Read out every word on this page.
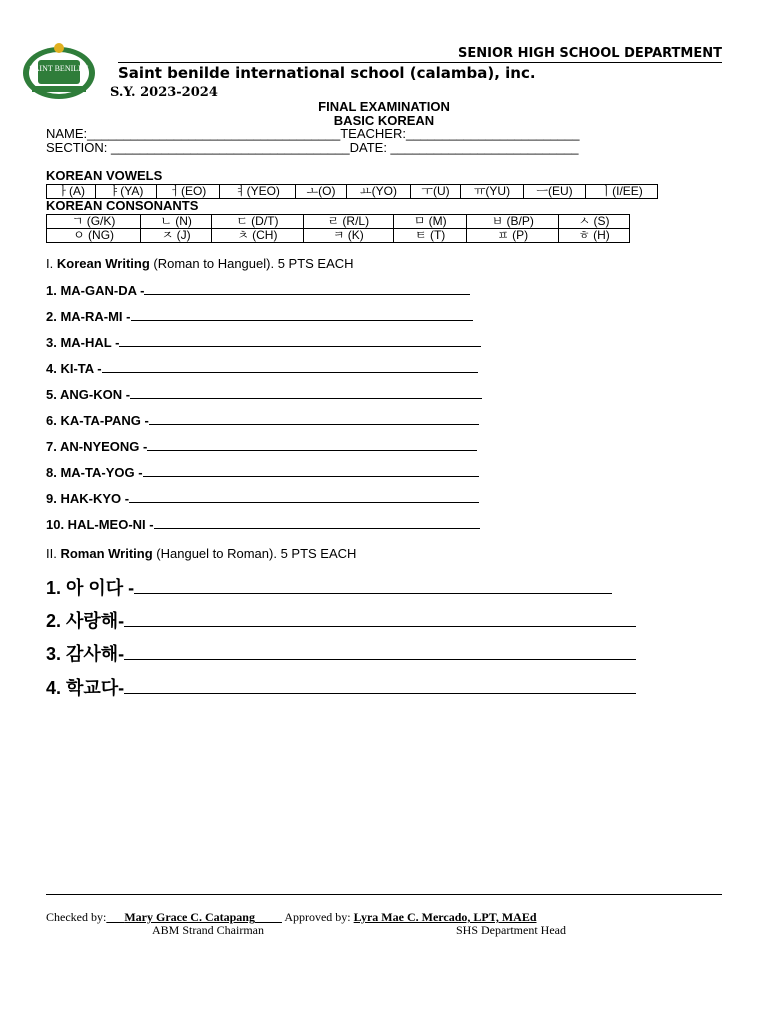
SAINT BENILDE
SENIOR HIGH SCHOOL DEPARTMENT
Saint benilde international school (calamba), inc.
S.Y. 2023-2024
FINAL EXAMINATION
BASIC KOREAN
NAME:___________________________________TEACHER:________________________
SECTION: _________________________________DATE: __________________________
KOREAN VOWELS
ㅏ(A)	ㅑ(YA)	ㅓ(EO)	ㅕ(YEO)	ㅗ(O)	ㅛ(YO)	ㅜ(U)	ㅠ(YU)	ㅡ(EU)	ㅣ(I/EE)
KOREAN CONSONANTS
ㄱ (G/K)	ㄴ (N)	ㄷ (D/T)	ㄹ (R/L)	ㅁ (M)	ㅂ (B/P)	ㅅ (S)
ㅇ (NG)	ㅈ (J)	ㅊ (CH)	ㅋ (K)	ㅌ (T)	ㅍ (P)	ㅎ (H)
I. Korean Writing (Roman to Hanguel). 5 PTS EACH
1. MA-GAN-DA -
2. MA-RA-MI -
3. MA-HAL -
4. KI-TA -
5. ANG-KON -
6. KA-TA-PANG -
7. AN-NYEONG -
8. MA-TA-YOG -
9. HAK-KYO -
10. HAL-MEO-NI -
II. Roman Writing (Hanguel to Roman). 5 PTS EACH
1. 아 이다 -
2. 사랑해-
3. 감사해-
4. 학교다-
Checked by: Mary Grace C. Catapang Approved by: Lyra Mae C. Mercado, LPT, MAEd
ABM Strand Chairman	SHS Department Head
